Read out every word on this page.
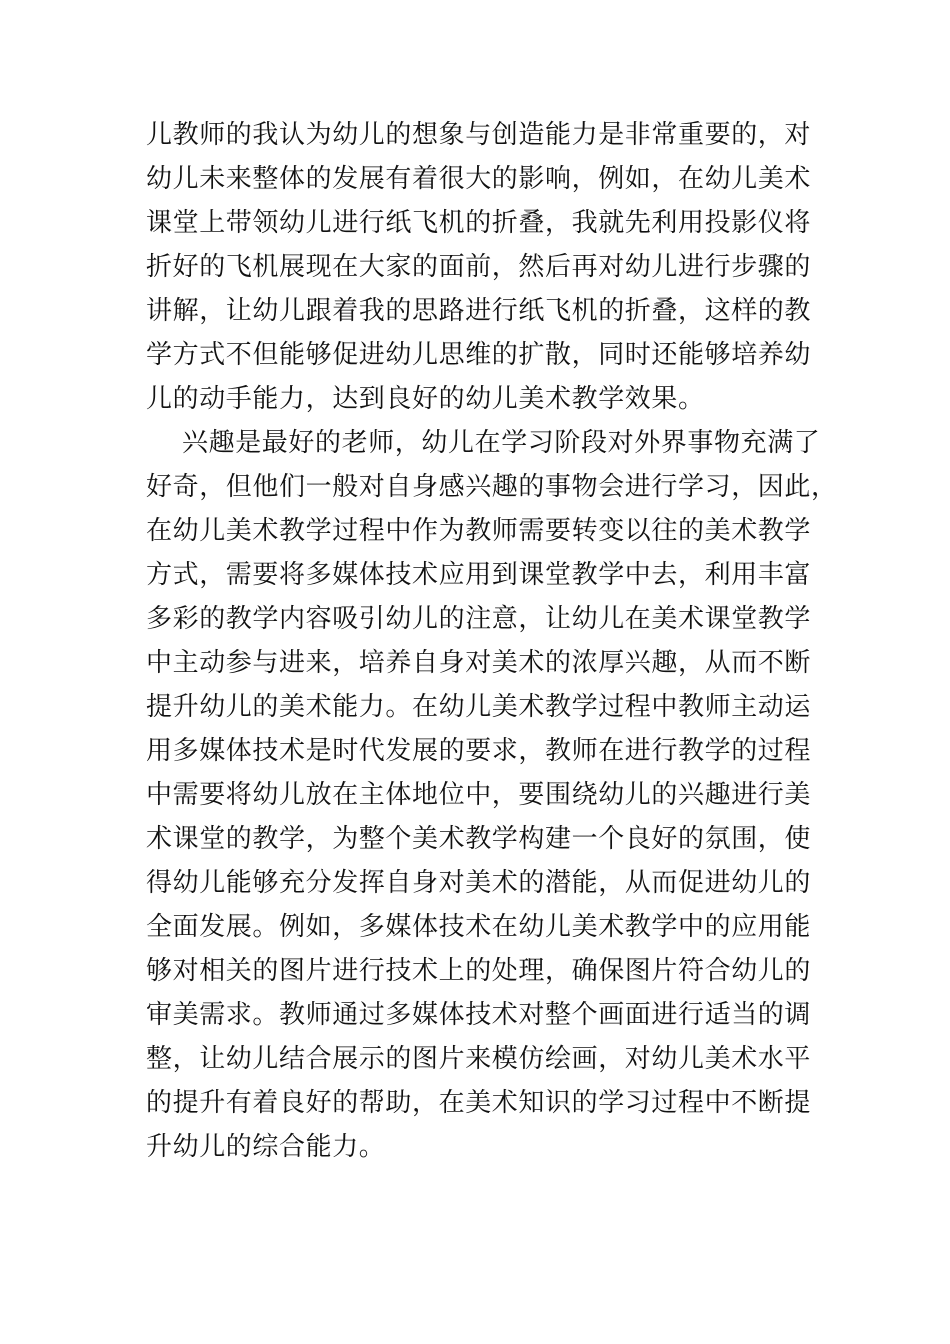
儿教师的我认为幼儿的想象与创造能力是非常重要的，对
幼儿未来整体的发展有着很大的影响，例如，在幼儿美术
课堂上带领幼儿进行纸飞机的折叠，我就先利用投影仪将
折好的飞机展现在大家的面前，然后再对幼儿进行步骤的
讲解，让幼儿跟着我的思路进行纸飞机的折叠，这样的教
学方式不但能够促进幼儿思维的扩散，同时还能够培养幼
儿的动手能力，达到良好的幼儿美术教学效果。
兴趣是最好的老师，幼儿在学习阶段对外界事物充满了
好奇，但他们一般对自身感兴趣的事物会进行学习，因此，
在幼儿美术教学过程中作为教师需要转变以往的美术教学
方式，需要将多媒体技术应用到课堂教学中去，利用丰富
多彩的教学内容吸引幼儿的注意，让幼儿在美术课堂教学
中主动参与进来，培养自身对美术的浓厚兴趣，从而不断
提升幼儿的美术能力。在幼儿美术教学过程中教师主动运
用多媒体技术是时代发展的要求，教师在进行教学的过程
中需要将幼儿放在主体地位中，要围绕幼儿的兴趣进行美
术课堂的教学，为整个美术教学构建一个良好的氛围，使
得幼儿能够充分发挥自身对美术的潜能，从而促进幼儿的
全面发展。例如，多媒体技术在幼儿美术教学中的应用能
够对相关的图片进行技术上的处理，确保图片符合幼儿的
审美需求。教师通过多媒体技术对整个画面进行适当的调
整，让幼儿结合展示的图片来模仿绘画，对幼儿美术水平
的提升有着良好的帮助，在美术知识的学习过程中不断提
升幼儿的综合能力。
